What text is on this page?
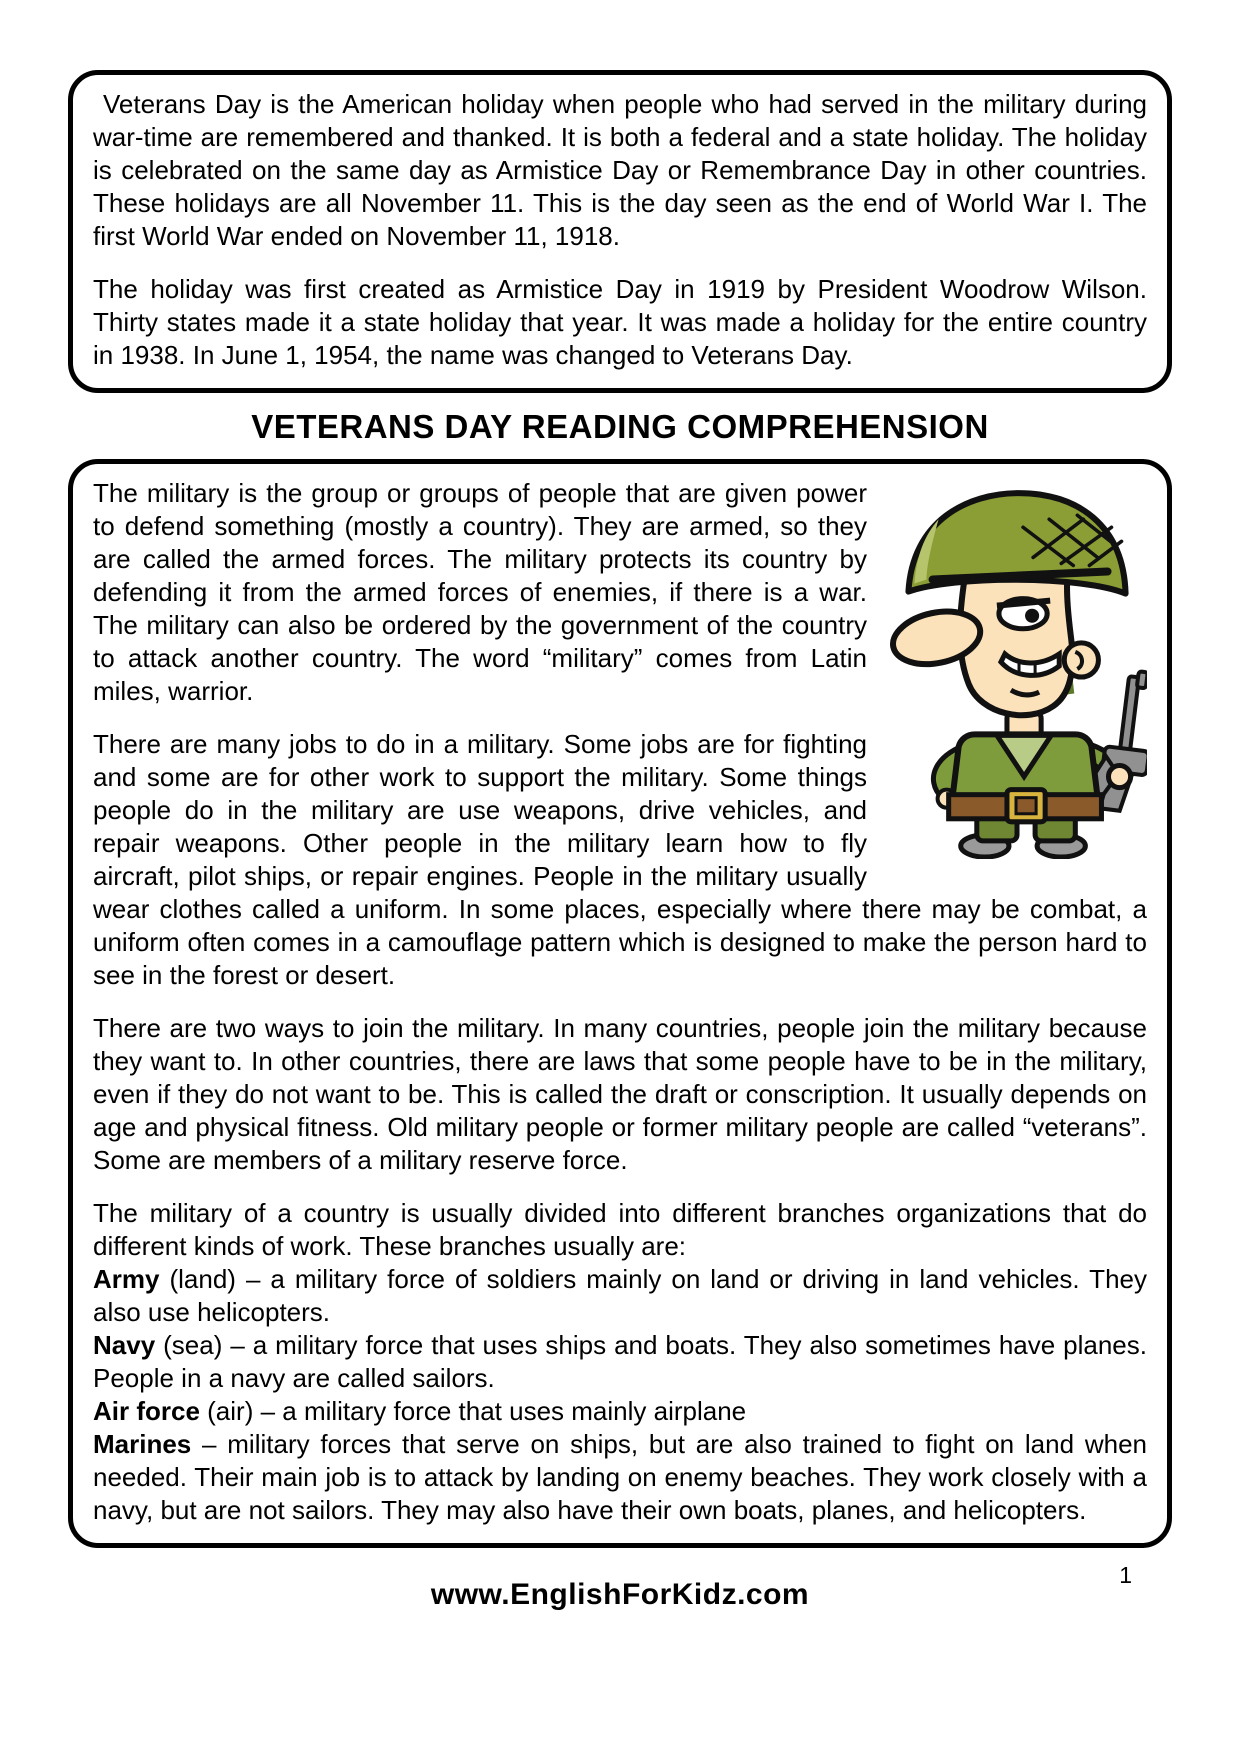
Veterans Day is the American holiday when people who had served in the military during war-time are remembered and thanked. It is both a federal and a state holiday. The holiday is celebrated on the same day as Armistice Day or Remembrance Day in other countries. These holidays are all November 11. This is the day seen as the end of World War I. The first World War ended on November 11, 1918.

The holiday was first created as Armistice Day in 1919 by President Woodrow Wilson. Thirty states made it a state holiday that year. It was made a holiday for the entire country in 1938. In June 1, 1954, the name was changed to Veterans Day.

VETERANS DAY READING COMPREHENSION

The military is the group or groups of people that are given power to defend something (mostly a country). They are armed, so they are called the armed forces. The military protects its country by defending it from the armed forces of enemies, if there is a war. The military can also be ordered by the government of the country to attack another country. The word “military” comes from Latin miles, warrior.

There are many jobs to do in a military. Some jobs are for fighting and some are for other work to support the military. Some things people do in the military are use weapons, drive vehicles, and repair weapons. Other people in the military learn how to fly aircraft, pilot ships, or repair engines. People in the military usually wear clothes called a uniform. In some places, especially where there may be combat, a uniform often comes in a camouflage pattern which is designed to make the person hard to see in the forest or desert.

There are two ways to join the military. In many countries, people join the military because they want to. In other countries, there are laws that some people have to be in the military, even if they do not want to be. This is called the draft or conscription. It usually depends on age and physical fitness. Old military people or former military people are called “veterans”. Some are members of a military reserve force.

The military of a country is usually divided into different branches organizations that do different kinds of work. These branches usually are:

Army (land) – a military force of soldiers mainly on land or driving in land vehicles. They also use helicopters.

Navy (sea) – a military force that uses ships and boats. They also sometimes have planes. People in a navy are called sailors.

Air force (air) – a military force that uses mainly airplane

Marines – military forces that serve on ships, but are also trained to fight on land when needed. Their main job is to attack by landing on enemy beaches. They work closely with a navy, but are not sailors. They may also have their own boats, planes, and helicopters.

1
www.EnglishForKidz.com
